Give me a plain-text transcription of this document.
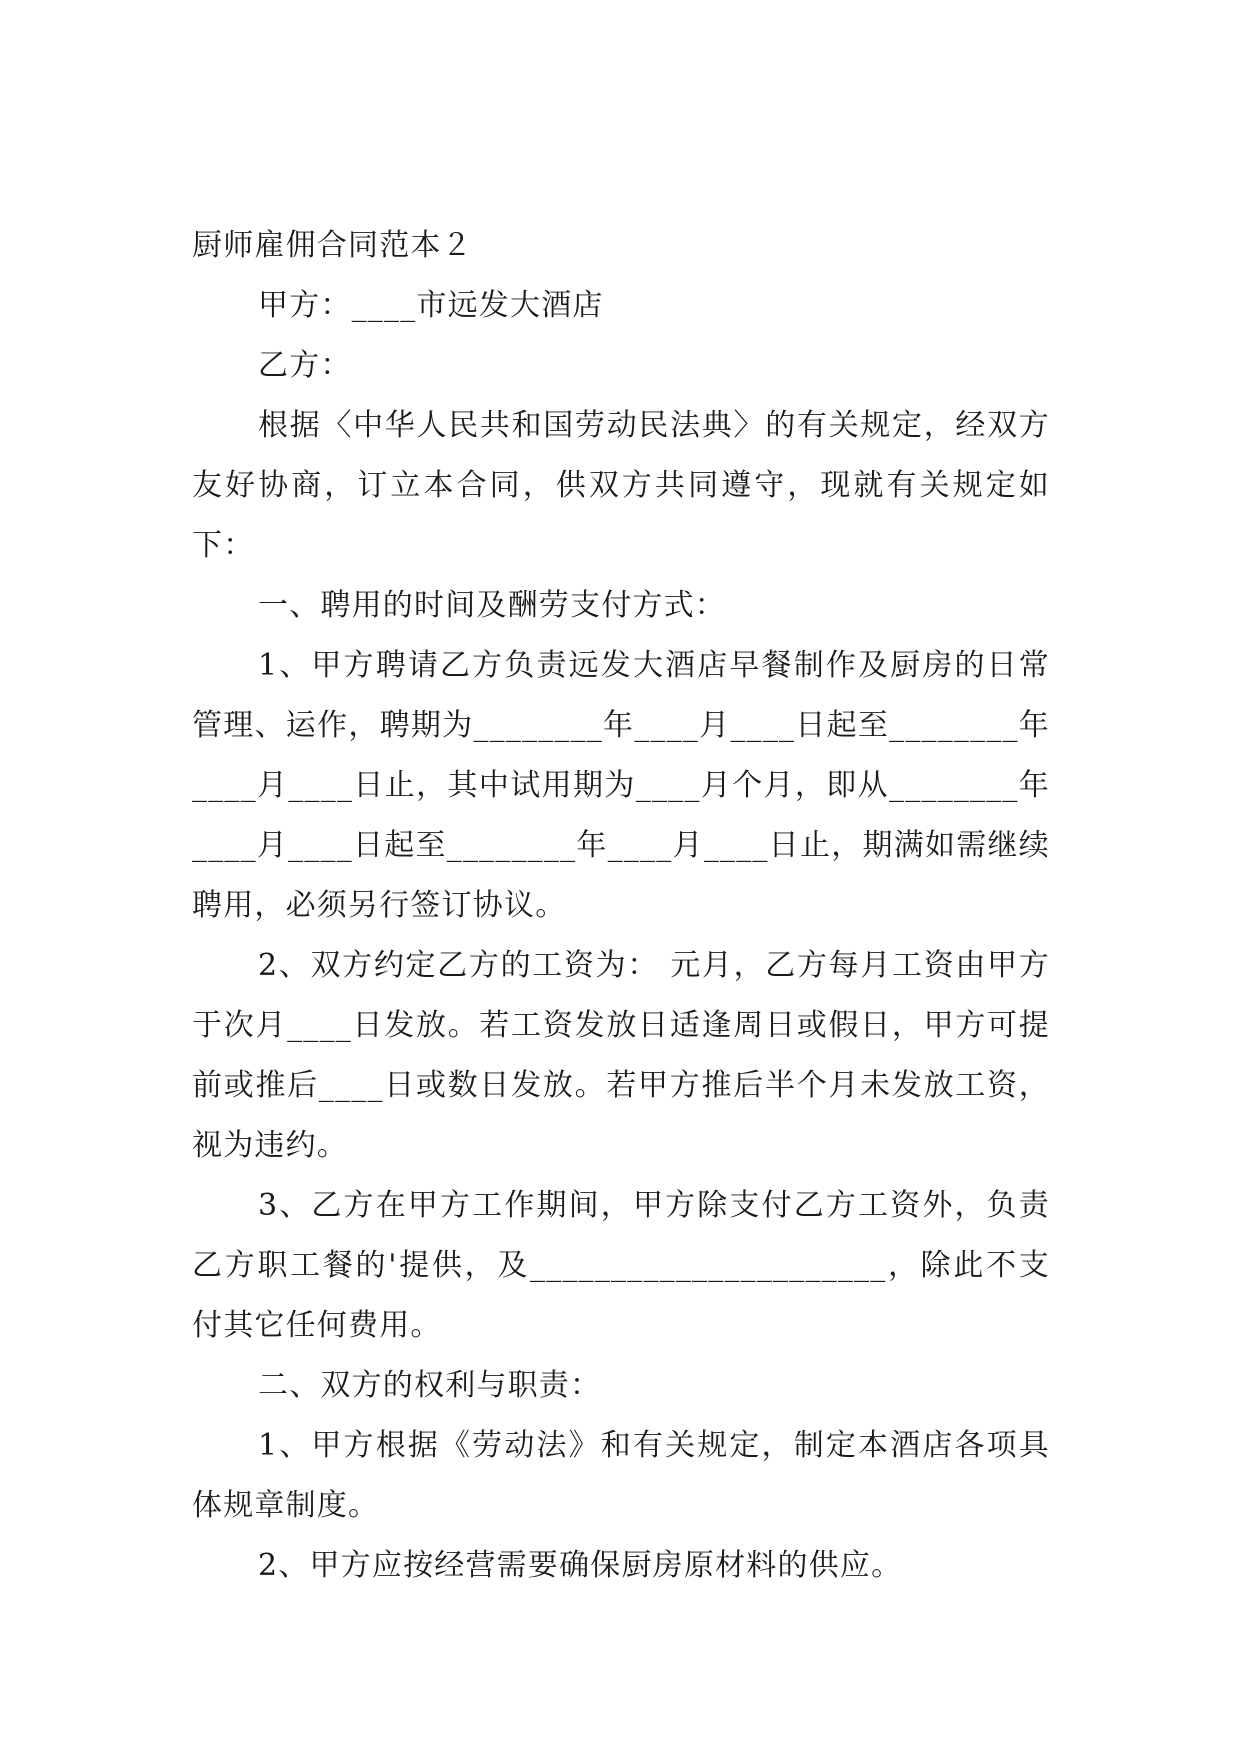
厨师雇佣合同范本２

甲方：____市远发大酒店

乙方：

根据〈中华人民共和国劳动民法典〉的有关规定，经双方友好协商，订立本合同，供双方共同遵守，现就有关规定如下：

一、聘用的时间及酬劳支付方式：

1、甲方聘请乙方负责远发大酒店早餐制作及厨房的日常管理、运作，聘期为________年____月____日起至________年____月____日止，其中试用期为____月个月，即从________年____月____日起至________年____月____日止，期满如需继续聘用，必须另行签订协议。

2、双方约定乙方的工资为： 元月，乙方每月工资由甲方于次月____日发放。若工资发放日适逢周日或假日，甲方可提前或推后____日或数日发放。若甲方推后半个月未发放工资，视为违约。

3、乙方在甲方工作期间，甲方除支付乙方工资外，负责乙方职工餐的'提供，及______________________，除此不支付其它任何费用。

二、双方的权利与职责：

1、甲方根据《劳动法》和有关规定，制定本酒店各项具体规章制度。

2、甲方应按经营需要确保厨房原材料的供应。
